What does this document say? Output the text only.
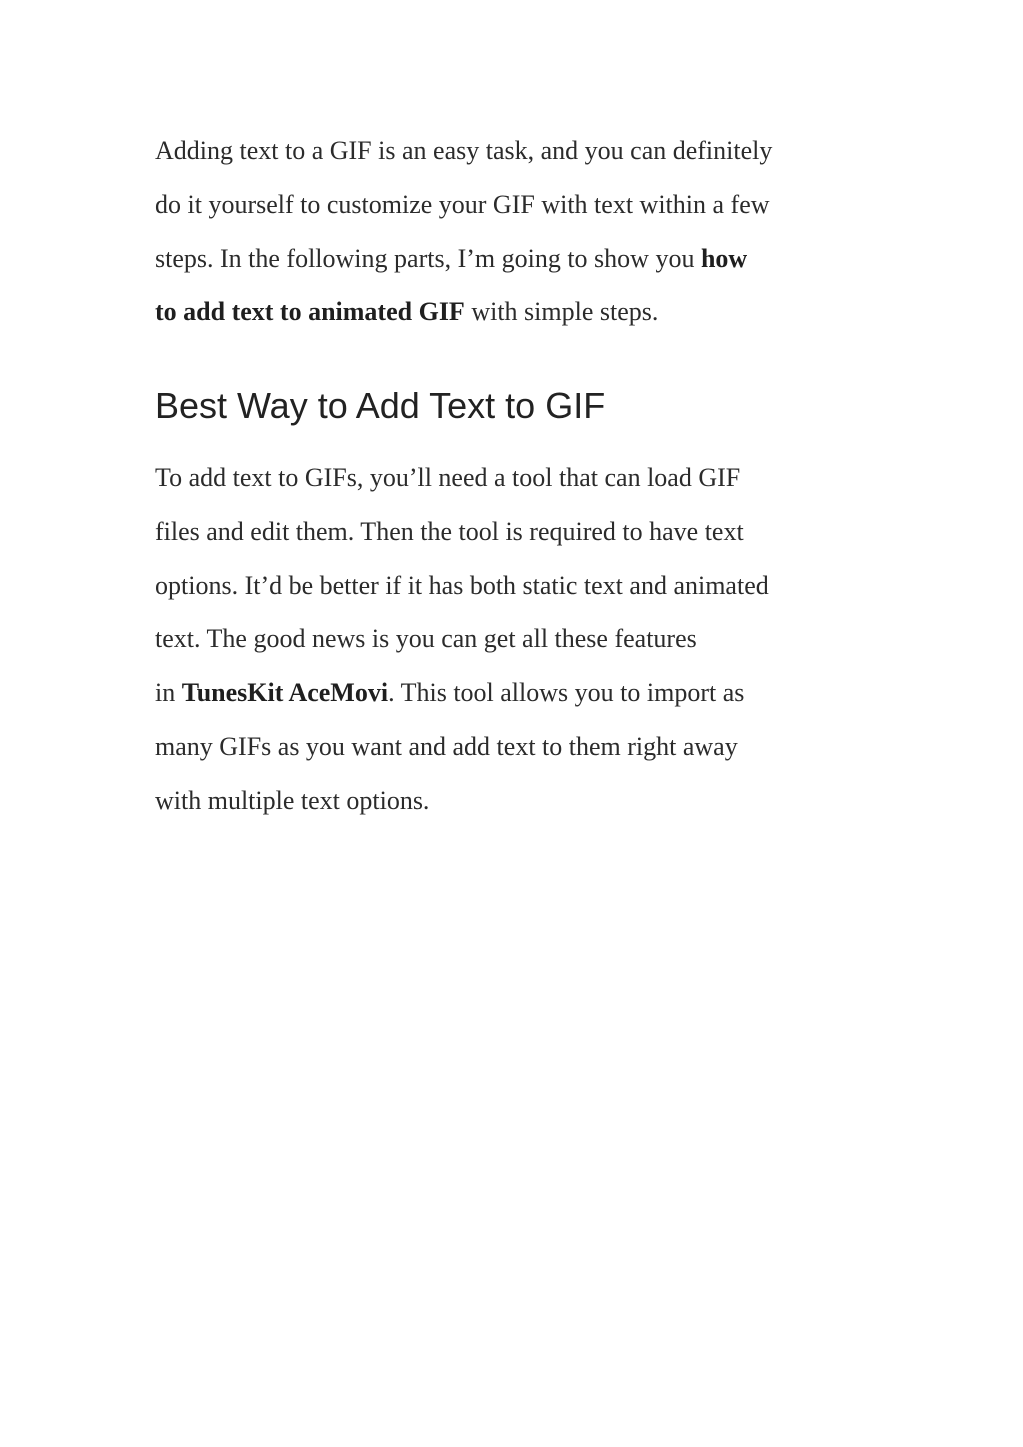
Adding text to a GIF is an easy task, and you can definitely
do it yourself to customize your GIF with text within a few
steps. In the following parts, I’m going to show you how
to add text to animated GIF with simple steps.

Best Way to Add Text to GIF

To add text to GIFs, you’ll need a tool that can load GIF
files and edit them. Then the tool is required to have text
options. It’d be better if it has both static text and animated
text. The good news is you can get all these features
in TunesKit AceMovi. This tool allows you to import as
many GIFs as you want and add text to them right away
with multiple text options.
